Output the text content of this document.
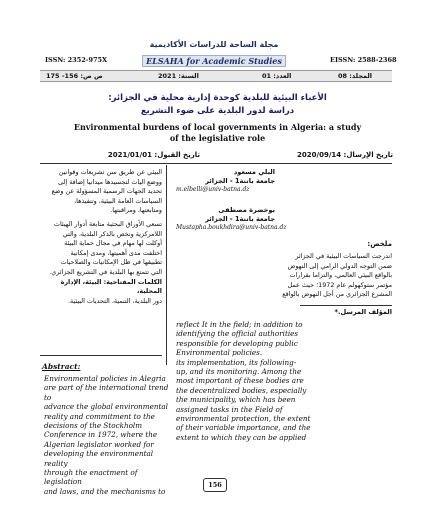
مجلة الساحة للدراسات الأكاديمية
ELSAHA for Academic Studies
ISSN: 2352-975X	EISSN: 2588-2368
ص ص: 156- 175	السنة: 2021	العدد: 01	المجلد: 08
الأعباء البيئية للبلدية كوحدة إدارية محلية في الجزائر:
دراسة لدور البلدية على ضوء التشريع
Environmental burdens of local governments in Algeria: a study
of the legislative role
تاريخ الإرسال: 2020/09/14
تاريخ القبول: 2021/01/01
البيئي عن طريق سن تشريعات وقوانين
ووضع اليات لتجسيدها ميدانيا إضافة إلى
تحديد الجهات الرسمية المسؤولة عن وضع
السياسات العامة البيئية، وتنفيذها،
ومتابعتها، ومراقبتها.
تسعى الأوراق البحثية متابعة أدوار الهيئات
اللامركزية ونخص بالذكر البلدية، والتي
أوكلت لها مهام في مجال حماية البيئة
اختلفت مدى أهميتها، ومدى إمكانية
تطبيقها في ظل الإمكانيات والصلاحيات
التي تتمتع بها البلدية في التشريع الجزائري.
الكلمات المفتاحية: البيئة، الإدارة المحلية،
دور البلدية، التنمية، التحديات البيئية.
البلي مسعود
جامعة باتنة1 - الجزائر
m.elbelli@univ-batna.dz
بوخضرة مصطفى
جامعة باتنة1 - الجزائر
Mustapha.boukhdira@univ-batna.dz
ملخص:
اندرجت السياسات البيئية في الجزائر
ضمن التوجه الدولي الرامي إلى النهوض
بالواقع البيئي العالمي، والتزاما بقرارات
مؤتمر ستوكهولم عام 1972؛ حيث عمل
المشرع الجزائري من أجل النهوض بالواقع
المؤلف المرسل.*
Abstract:
Environmental policies in Alegria
are part of the international trend to
advance the global environmental
reality and commitment to the
decisions of the Stockholm
Conference in 1972, where the
Algerian legislator worked for
developing the environmental reality
through the enactment of legislation
and laws, and the mechanisms to
reflect It in the field; in addition to
identifying the official authorities
responsible for developing public
Environmental policies.
its implementation, its following-
up, and its monitoring. Among the
most important of these bodies are
the decentralized bodies, especially
the municipality, which has been
assigned tasks in the Field of
environmental protection, the extent
of their variable importance, and the
extent to which they can be applied
156
